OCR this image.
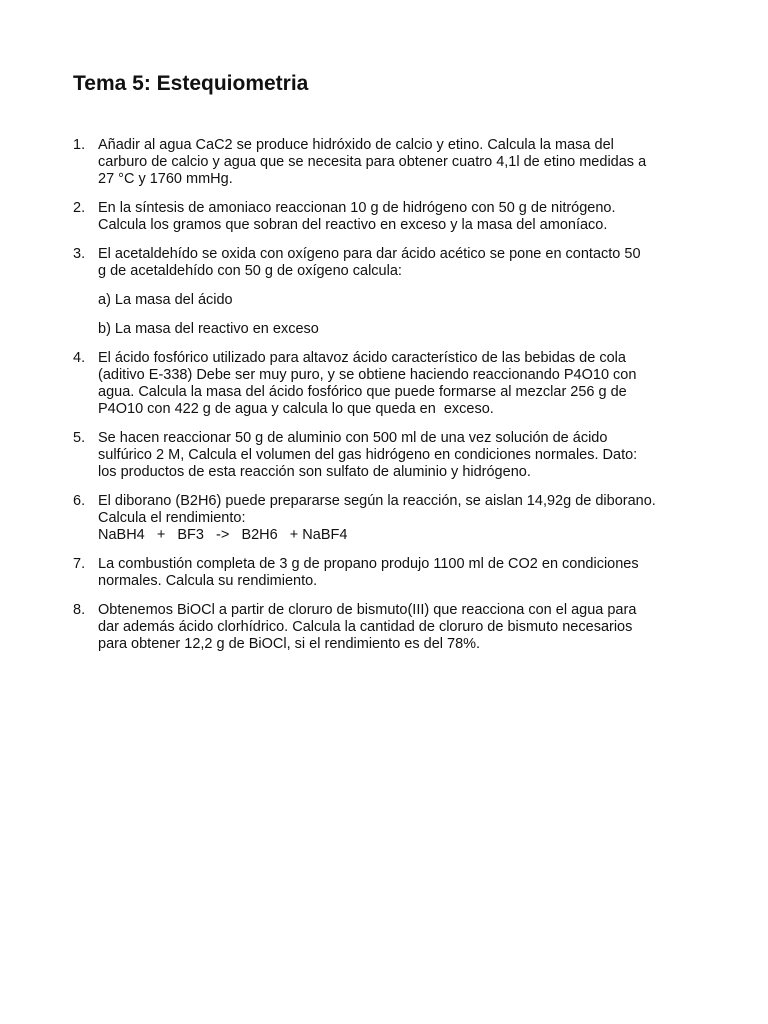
Tema 5: Estequiometria
1. Añadir al agua CaC2 se produce hidróxido de calcio y etino. Calcula la masa del
carburo de calcio y agua que se necesita para obtener cuatro 4,1l de etino medidas a
27 °C y 1760 mmHg.
2. En la síntesis de amoniaco reaccionan 10 g de hidrógeno con 50 g de nitrógeno.
Calcula los gramos que sobran del reactivo en exceso y la masa del amoníaco.
3. El acetaldehído se oxida con oxígeno para dar ácido acético se pone en contacto 50
g de acetaldehído con 50 g de oxígeno calcula:
a) La masa del ácido
b) La masa del reactivo en exceso
4. El ácido fosfórico utilizado para altavoz ácido característico de las bebidas de cola
(aditivo E-338) Debe ser muy puro, y se obtiene haciendo reaccionando P4O10 con
agua. Calcula la masa del ácido fosfórico que puede formarse al mezclar 256 g de
P4O10 con 422 g de agua y calcula lo que queda en  exceso.
5. Se hacen reaccionar 50 g de aluminio con 500 ml de una vez solución de ácido
sulfúrico 2 M, Calcula el volumen del gas hidrógeno en condiciones normales. Dato:
los productos de esta reacción son sulfato de aluminio y hidrógeno.
6. El diborano (B2H6) puede prepararse según la reacción, se aislan 14,92g de diborano.
Calcula el rendimiento:
NaBH4   +   BF3   ->   B2H6   + NaBF4
7. La combustión completa de 3 g de propano produjo 1100 ml de CO2 en condiciones
normales. Calcula su rendimiento.
8. Obtenemos BiOCl a partir de cloruro de bismuto(III) que reacciona con el agua para
dar además ácido clorhídrico. Calcula la cantidad de cloruro de bismuto necesarios
para obtener 12,2 g de BiOCl, si el rendimiento es del 78%.
